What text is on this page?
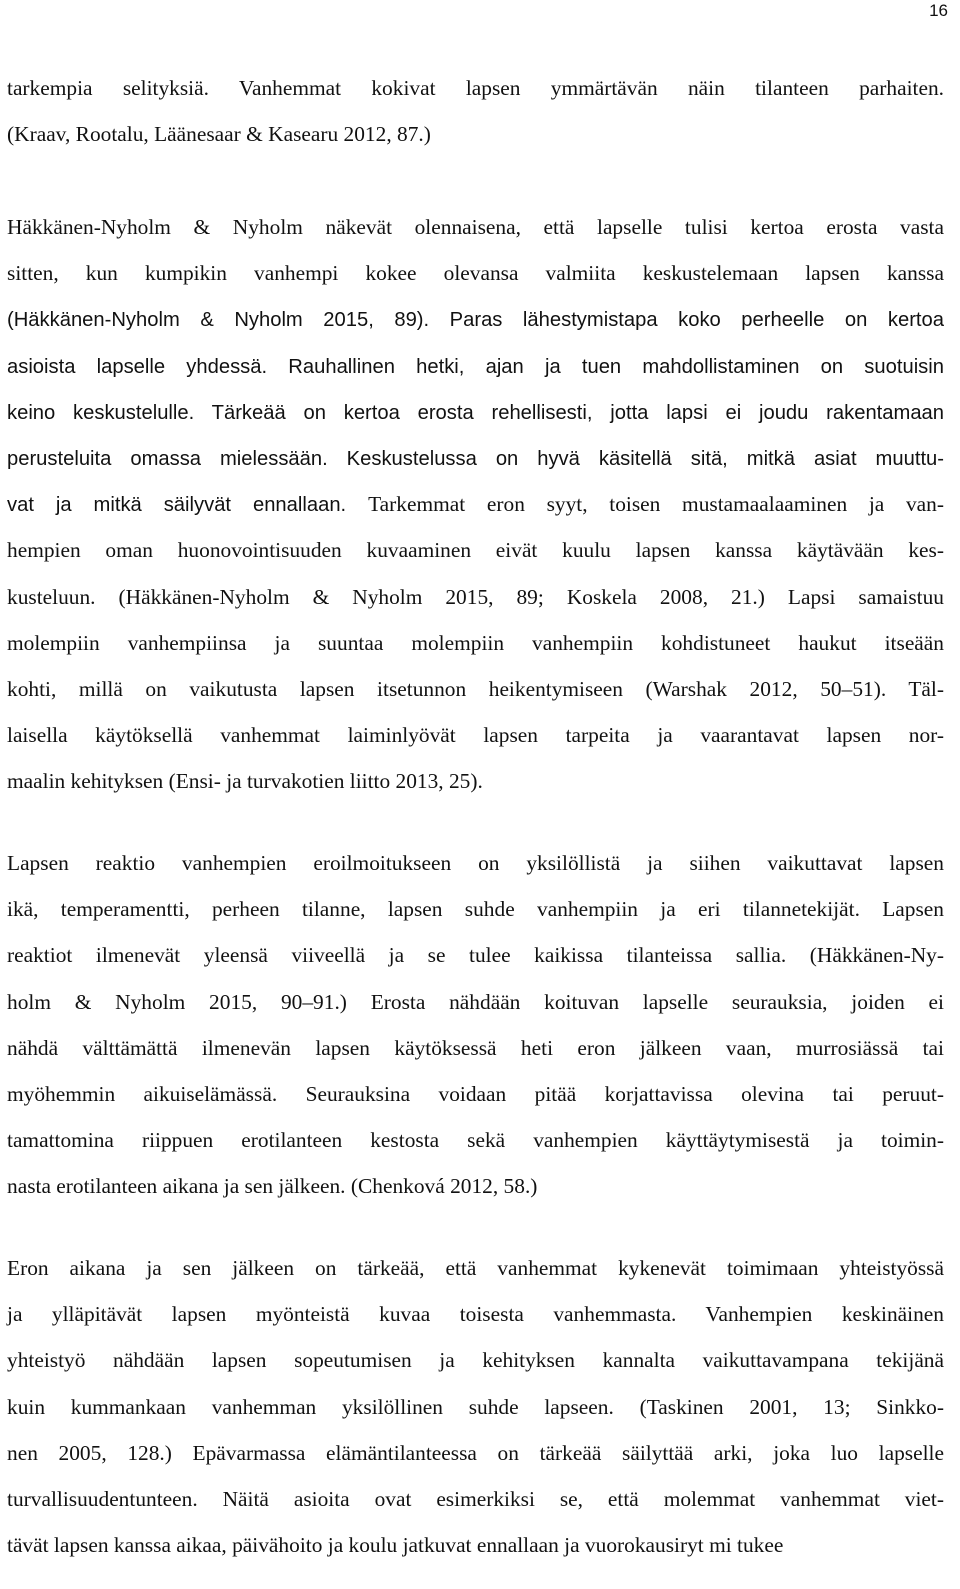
16
tarkempia selityksiä. Vanhemmat kokivat lapsen ymmärtävän näin tilanteen parhaiten.
(Kraav, Rootalu, Läänesaar & Kasearu 2012, 87.)
Häkkänen-Nyholm & Nyholm näkevät olennaisena, että lapselle tulisi kertoa erosta vasta
sitten, kun kumpikin vanhempi kokee olevansa valmiita keskustelemaan lapsen kanssa
(Häkkänen-Nyholm & Nyholm 2015, 89). Paras lähestymistapa koko perheelle on kertoa
asioista lapselle yhdessä. Rauhallinen hetki, ajan ja tuen mahdollistaminen on suotuisin
keino keskustelulle. Tärkeää on kertoa erosta rehellisesti, jotta lapsi ei joudu rakentamaan
perusteluita omassa mielessään. Keskustelussa on hyvä käsitellä sitä, mitkä asiat muuttu-
vat ja mitkä säilyvät ennallaan. Tarkemmat eron syyt, toisen mustamaalaaminen ja van-
hempien oman huonovointisuuden kuvaaminen eivät kuulu lapsen kanssa käytävään kes-
kusteluun. (Häkkänen-Nyholm & Nyholm 2015, 89; Koskela 2008, 21.) Lapsi samaistuu
molempiin vanhempiinsa ja suuntaa molempiin vanhempiin kohdistuneet haukut itseään
kohti, millä on vaikutusta lapsen itsetunnon heikentymiseen (Warshak 2012, 50–51). Täl-
laisella käytöksellä vanhemmat laiminlyövät lapsen tarpeita ja vaarantavat lapsen nor-
maalin kehityksen (Ensi- ja turvakotien liitto 2013, 25).
Lapsen reaktio vanhempien eroilmoitukseen on yksilöllistä ja siihen vaikuttavat lapsen
ikä, temperamentti, perheen tilanne, lapsen suhde vanhempiin ja eri tilannetekijät. Lapsen
reaktiot ilmenevät yleensä viiveellä ja se tulee kaikissa tilanteissa sallia. (Häkkänen-Ny-
holm & Nyholm 2015, 90–91.) Erosta nähdään koituvan lapselle seurauksia, joiden ei
nähdä välttämättä ilmenevän lapsen käytöksessä heti eron jälkeen vaan, murrosiässä tai
myöhemmin aikuiselämässä. Seurauksina voidaan pitää korjattavissa olevina tai peruut-
tamattomina riippuen erotilanteen kestosta sekä vanhempien käyttäytymisestä ja toimin-
nasta erotilanteen aikana ja sen jälkeen. (Chenková 2012, 58.)
Eron aikana ja sen jälkeen on tärkeää, että vanhemmat kykenevät toimimaan yhteistyössä
ja ylläpitävät lapsen myönteistä kuvaa toisesta vanhemmasta. Vanhempien keskinäinen
yhteistyö nähdään lapsen sopeutumisen ja kehityksen kannalta vaikuttavampana tekijänä
kuin kummankaan vanhemman yksilöllinen suhde lapseen. (Taskinen 2001, 13; Sinkko-
nen 2005, 128.) Epävarmassa elämäntilanteessa on tärkeää säilyttää arki, joka luo lapselle
turvallisuudentunteen. Näitä asioita ovat esimerkiksi se, että molemmat vanhemmat viet-
tävät lapsen kanssa aikaa, päivähoito ja koulu jatkuvat ennallaan ja vuorokausiryt mi tukee
